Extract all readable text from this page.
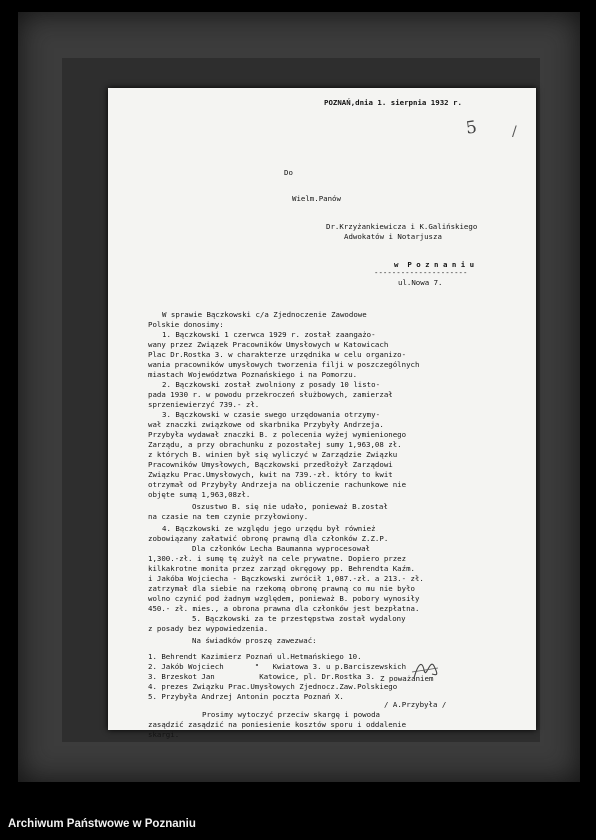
POZNAŃ,dnia 1. sierpnia 1932 r.
Do
Wielm.Panów
Dr.Krzyżankiewicza i K.Galińskiego
Adwokatów i Notarjusza
w  P o z n a n i u
---------------------
ul.Nowa 7.
W sprawie Bączkowski c/a Zjednoczenie Zawodowe
Polskie donosimy:
1. Bączkowski 1 czerwca 1929 r. został zaangażo-
wany przez Związek Pracowników Umysłowych w Katowicach
Plac Dr.Rostka 3. w charakterze urzędnika w celu organizo-
wania pracowników umysłowych tworzenia filji w poszczególnych
miastach Województwa Poznańskiego i na Pomorzu.
2. Bączkowski został zwolniony z posady 10 listo-
pada 1930 r. w powodu przekroczeń służbowych, zamierzał
sprzeniewierzyć 739.- zł.
3. Bączkowski w czasie swego urzędowania otrzymy-
wał znaczki związkowe od skarbnika Przybyły Andrzeja.
Przybyła wydawał znaczki B. z polecenia wyżej wymienionego
Zarządu, a przy obrachunku z pozostałej sumy 1,963,08 zł.
z których B. winien był się wyliczyć w Zarządzie Związku
Pracowników Umysłowych, Bączkowski przedłożył Zarządowi
Związku Prac.Umysłowych, kwit na 739.-zł. który to kwit
otrzymał od Przybyły Andrzeja na obliczenie rachunkowe nie
objęte sumą 1,963,08zł.
Oszustwo B. się nie udało, ponieważ B.został
na czasie na tem czynie przyłowiony.
4. Bączkowski ze względu jego urzędu był również
zobowiązany załatwić obronę prawną dla członków Z.Z.P.
Dla członków Lecha Baumanna wyprocesował
1,300.-zł. i sumę tę zużył na cele prywatne. Dopiero przez
kilkakrotne monita przez zarząd okręgowy pp. Behrendta Kaźm.
i Jakóba Wojciecha - Bączkowski zwrócił 1,087.-zł. a 213.- zł.
zatrzymał dla siebie na rzekomą obronę prawną co mu nie było
wolno czynić pod żadnym względem, ponieważ B. pobory wynosiły
450.- zł. mies., a obrona prawna dla członków jest bezpłatna.
5. Bączkowski za te przestępstwa został wydalony
z posady bez wypowiedzenia.
Na świadków proszę zawezwać:
1. Behrendt Kazimierz Poznań ul.Hetmańskiego 10.
2. Jakób Wojciech       "   Kwiatowa 3. u p.Barciszewskich
3. Brzeskot Jan          Katowice, pl. Dr.Rostka 3.
4. prezes Związku Prac.Umysłowych Zjednocz.Zaw.Polskiego
5. Przybyła Andrzej Antonin poczta Poznań X.
Prosimy wytoczyć przeciw skargę i powoda
zasądzić zasądzić na poniesienie kosztów sporu i oddalenie
skargi.
Z poważaniem
/ A.Przybyła /
5 /
Archiwum Państwowe w Poznaniu
